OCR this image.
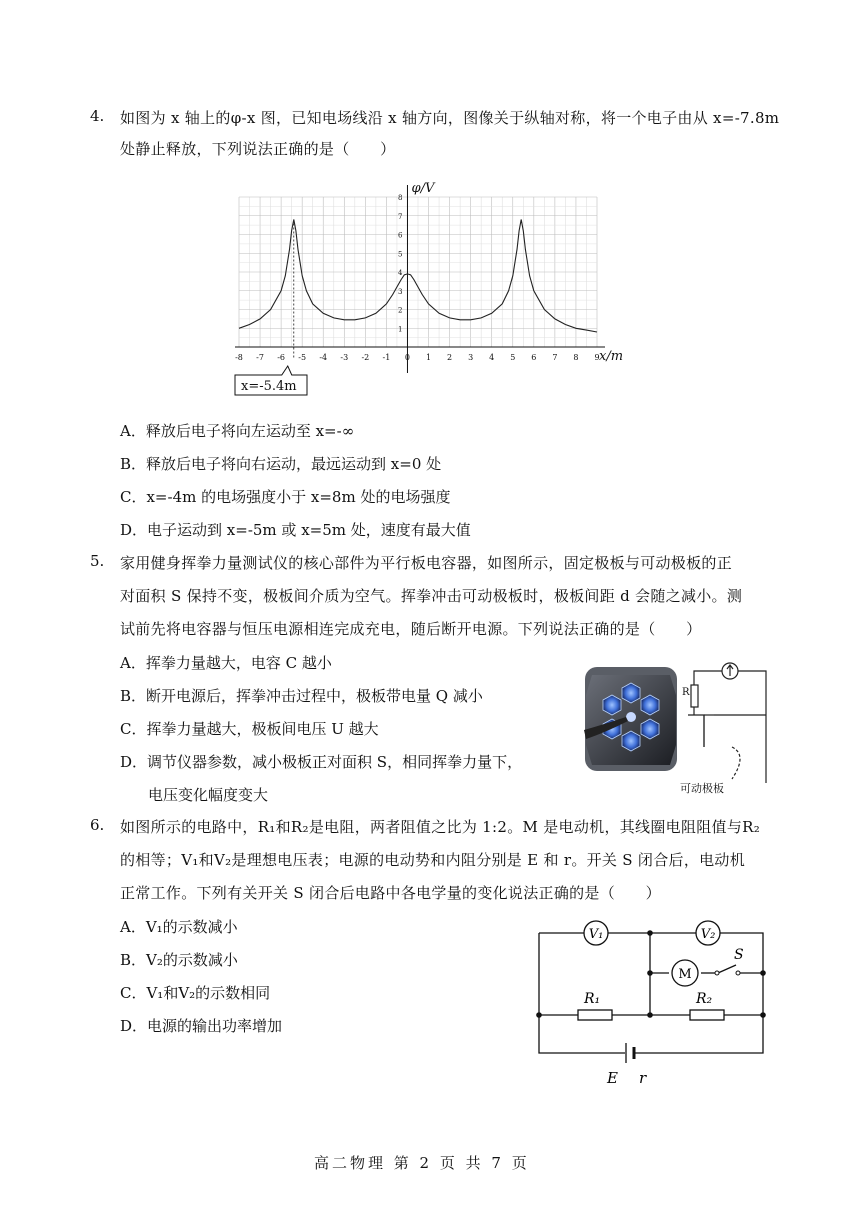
4. 如图为 x 轴上的φ-x 图，已知电场线沿 x 轴方向，图像关于纵轴对称，将一个电子由从 x=-7.8m
处静止释放，下列说法正确的是（　　）
-8 -7 -6 -5 -4 -3 -2 -1 0 1 2 3 4 5 6 7 8 9
1
2
3
4
5
6
7
8
φ/V
x/m
x=-5.4m
A．释放后电子将向左运动至 x=-∞
B．释放后电子将向右运动，最远运动到 x=0 处
C．x=-4m 的电场强度小于 x=8m 处的电场强度
D．电子运动到 x=-5m 或 x=5m 处，速度有最大值
5. 家用健身挥拳力量测试仪的核心部件为平行板电容器，如图所示，固定极板与可动极板的正
对面积 S 保持不变，极板间介质为空气。挥拳冲击可动极板时，极板间距 d 会随之减小。测
试前先将电容器与恒压电源相连完成充电，随后断开电源。下列说法正确的是（　　）
A．挥拳力量越大，电容 C 越小
B．断开电源后，挥拳冲击过程中，极板带电量 Q 减小
C．挥拳力量越大，极板间电压 U 越大
D．调节仪器参数，减小极板正对面积 S，相同挥拳力量下，
电压变化幅度变大
R
可动极板
6. 如图所示的电路中，R₁和R₂是电阻，两者阻值之比为 1:2。M 是电动机，其线圈电阻阻值与R₂
的相等；V₁和V₂是理想电压表；电源的电动势和内阻分别是 E 和 r。开关 S 闭合后，电动机
正常工作。下列有关开关 S 闭合后电路中各电学量的变化说法正确的是（　　）
A．V₁的示数减小
B．V₂的示数减小
C．V₁和V₂的示数相同
D．电源的输出功率增加
V₁	V₂
M
S
R₁	R₂
E r
高二物理 第 2 页 共 7 页
